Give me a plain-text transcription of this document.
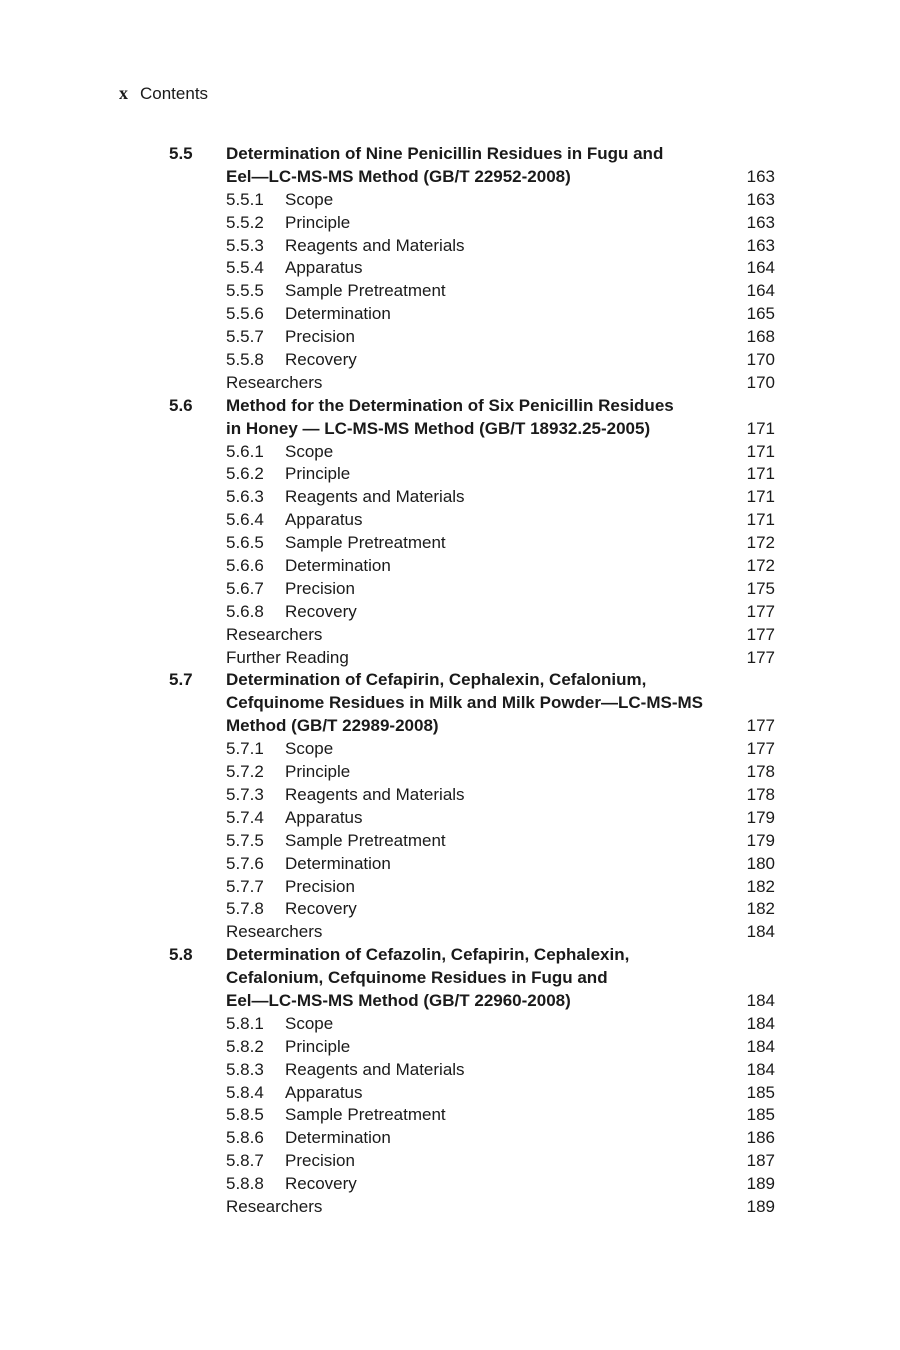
x Contents
5.5 Determination of Nine Penicillin Residues in Fugu and
Eel—LC-MS-MS Method (GB/T 22952-2008)	163
5.5.1 Scope	163
5.5.2 Principle	163
5.5.3 Reagents and Materials	163
5.5.4 Apparatus	164
5.5.5 Sample Pretreatment	164
5.5.6 Determination	165
5.5.7 Precision	168
5.5.8 Recovery	170
Researchers	170
5.6 Method for the Determination of Six Penicillin Residues
in Honey — LC-MS-MS Method (GB/T 18932.25-2005)	171
5.6.1 Scope	171
5.6.2 Principle	171
5.6.3 Reagents and Materials	171
5.6.4 Apparatus	171
5.6.5 Sample Pretreatment	172
5.6.6 Determination	172
5.6.7 Precision	175
5.6.8 Recovery	177
Researchers	177
Further Reading	177
5.7 Determination of Cefapirin, Cephalexin, Cefalonium,
Cefquinome Residues in Milk and Milk Powder—LC-MS-MS
Method (GB/T 22989-2008)	177
5.7.1 Scope	177
5.7.2 Principle	178
5.7.3 Reagents and Materials	178
5.7.4 Apparatus	179
5.7.5 Sample Pretreatment	179
5.7.6 Determination	180
5.7.7 Precision	182
5.7.8 Recovery	182
Researchers	184
5.8 Determination of Cefazolin, Cefapirin, Cephalexin,
Cefalonium, Cefquinome Residues in Fugu and
Eel—LC-MS-MS Method (GB/T 22960-2008)	184
5.8.1 Scope	184
5.8.2 Principle	184
5.8.3 Reagents and Materials	184
5.8.4 Apparatus	185
5.8.5 Sample Pretreatment	185
5.8.6 Determination	186
5.8.7 Precision	187
5.8.8 Recovery	189
Researchers	189
